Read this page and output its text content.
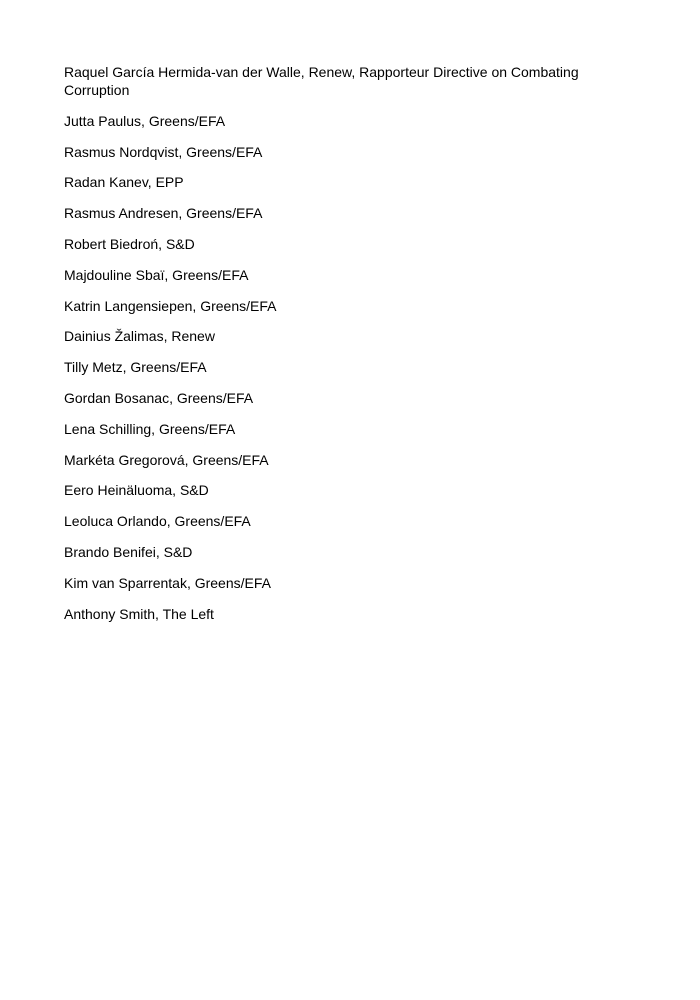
Raquel García Hermida-van der Walle, Renew, Rapporteur Directive on Combating Corruption
Jutta Paulus, Greens/EFA
Rasmus Nordqvist, Greens/EFA
Radan Kanev, EPP
Rasmus Andresen, Greens/EFA
Robert Biedroń, S&D
Majdouline Sbaï, Greens/EFA
Katrin Langensiepen, Greens/EFA
Dainius Žalimas, Renew
Tilly Metz, Greens/EFA
Gordan Bosanac, Greens/EFA
Lena Schilling, Greens/EFA
Markéta Gregorová, Greens/EFA
Eero Heinäluoma, S&D
Leoluca Orlando, Greens/EFA
Brando Benifei, S&D
Kim van Sparrentak, Greens/EFA
Anthony Smith, The Left
